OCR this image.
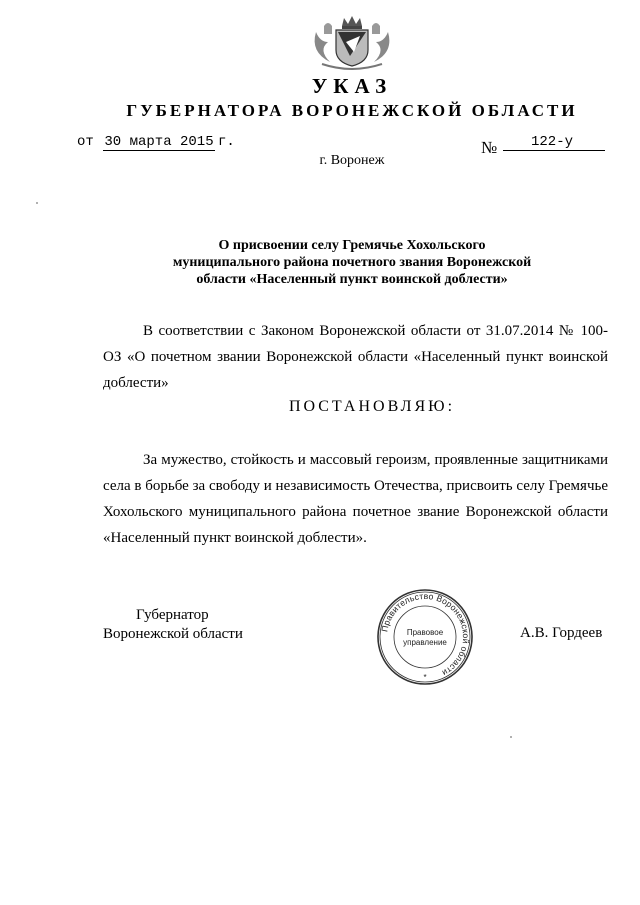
УКАЗ
ГУБЕРНАТОРА ВОРОНЕЖСКОЙ ОБЛАСТИ
от 30 марта 2015 г.	№	122-у
г. Воронеж
О присвоении селу Гремячье Хохольского
муниципального района почетного звания Воронежской
области «Населенный пункт воинской доблести»
В соответствии с Законом Воронежской области от 31.07.2014 № 100-ОЗ «О почетном звании Воронежской области «Населенный пункт воинской доблести»
ПОСТАНОВЛЯЮ:
За мужество, стойкость и массовый героизм, проявленные защитниками села в борьбе за свободу и независимость Отечества, присвоить селу Гремячье Хохольского муниципального района почетное звание Воронежской области «Населенный пункт воинской доблести».
Губернатор
Воронежской области	Правительство Воронежской области
Правовое
управление
*
А.В. Гордеев
